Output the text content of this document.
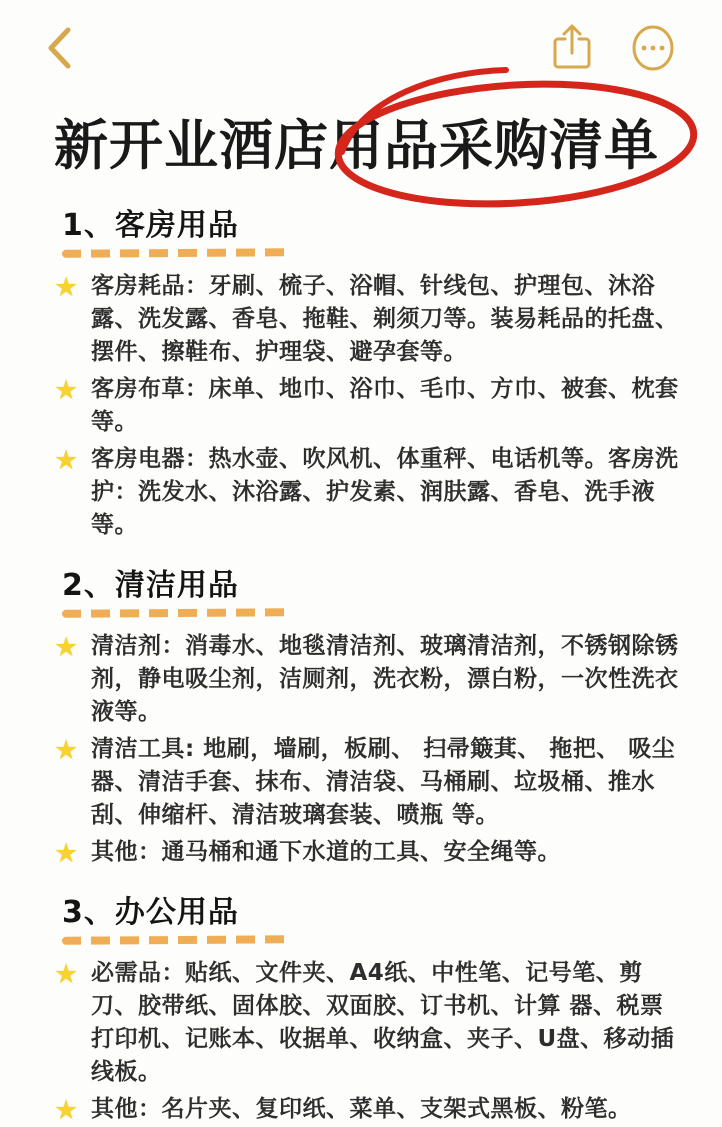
新开业酒店用品采购清单
1、客房用品
★ 客房耗品：牙刷、梳子、浴帽、针线包、护理包、沐浴露、洗发露、香皂、拖鞋、剃须刀等。装易耗品的托盘、摆件、擦鞋布、护理袋、避孕套等。
★ 客房布草：床单、地巾、浴巾、毛巾、方巾、被套、枕套等。
★ 客房电器：热水壶、吹风机、体重秤、电话机等。客房洗护：洗发水、沐浴露、护发素、润肤露、香皂、洗手液等。
2、清洁用品
★ 清洁剂：消毒水、地毯清洁剂、玻璃清洁剂，不锈钢除锈剂，静电吸尘剂，洁厕剂，洗衣粉，漂白粉，一次性洗衣液等。
★ 清洁工具: 地刷，墙刷，板刷、 扫帚簸萁、 拖把、 吸尘器、清洁手套、抹布、清洁袋、马桶刷、垃圾桶、推水刮、伸缩杆、清洁玻璃套装、喷瓶 等。
★ 其他：通马桶和通下水道的工具、安全绳等。
3、办公用品
★ 必需品：贴纸、文件夹、A4纸、中性笔、记号笔、剪刀、胶带纸、固体胶、双面胶、订书机、计算 器、税票打印机、记账本、收据单、收纳盒、夹子、U盘、移动插线板。
★ 其他：名片夹、复印纸、菜单、支架式黑板、粉笔。
